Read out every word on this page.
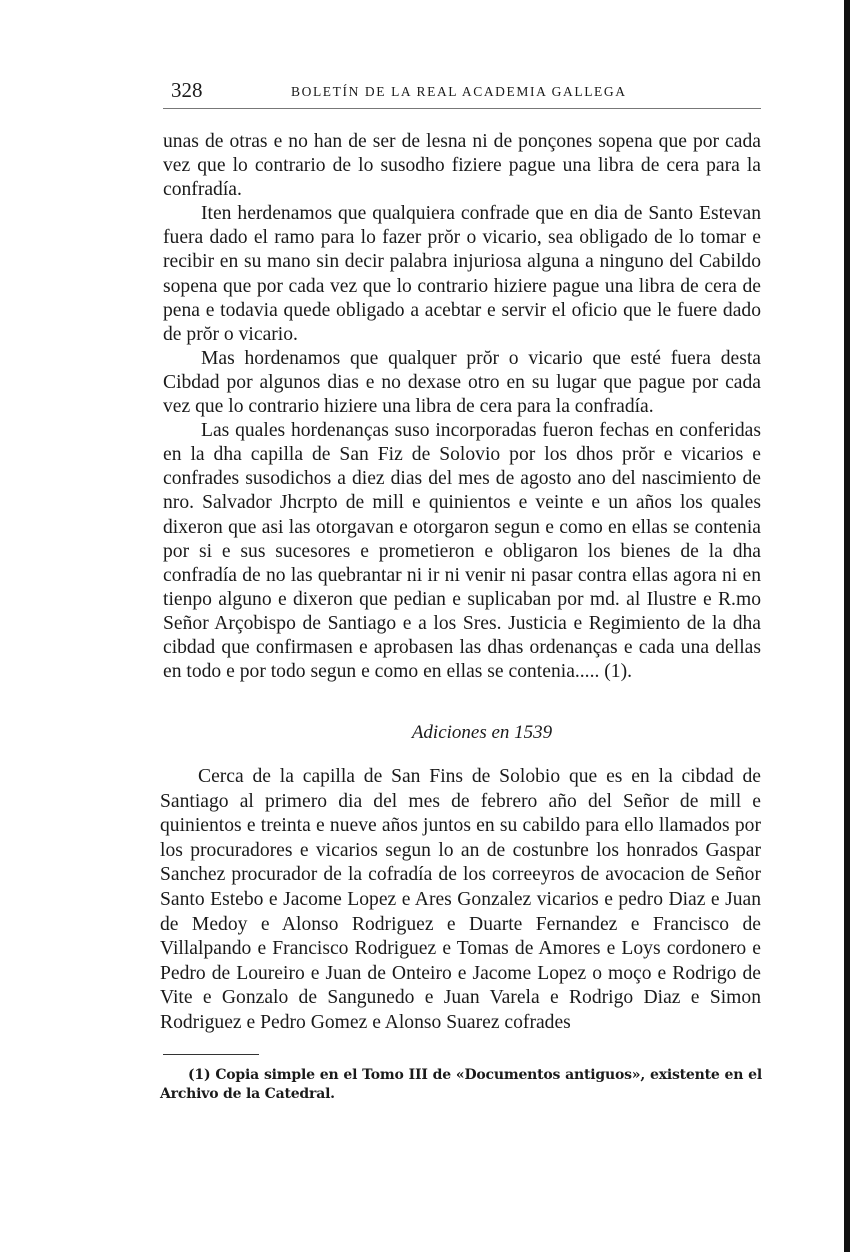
328	BOLETÍN DE LA REAL ACADEMIA GALLEGA

unas de otras e no han de ser de lesna ni de ponçones sopena que por cada vez que lo contrario de lo susodho fiziere pague una libra de cera para la confradía.

Iten herdenamos que qualquiera confrade que en dia de Santo Estevan fuera dado el ramo para lo fazer prŏr o vicario, sea obligado de lo tomar e recibir en su mano sin decir palabra injuriosa alguna a ninguno del Cabildo sopena que por cada vez que lo contrario hiziere pague una libra de cera de pena e todavia quede obligado a acebtar e servir el oficio que le fuere dado de prŏr o vicario.

Mas hordenamos que qualquer prŏr o vicario que esté fuera desta Cibdad por algunos dias e no dexase otro en su lugar que pague por cada vez que lo contrario hiziere una libra de cera para la confradía.

Las quales hordenanças suso incorporadas fueron fechas en conferidas en la dha capilla de San Fiz de Solovio por los dhos prŏr e vicarios e confrades susodichos a diez dias del mes de agosto ano del nascimiento de nro. Salvador Jhcrpto de mill e quinientos e veinte e un años los quales dixeron que asi las otorgavan e otorgaron segun e como en ellas se contenia por si e sus sucesores e prometieron e obligaron los bienes de la dha confradía de no las quebrantar ni ir ni venir ni pasar contra ellas agora ni en tienpo alguno e dixeron que pedian e suplicaban por md. al Ilustre e R.mo Señor Arçobispo de Santiago e a los Sres. Justicia e Regimiento de la dha cibdad que confirmasen e aprobasen las dhas ordenanças e cada una dellas en todo e por todo segun e como en ellas se contenia..... (1).

Adiciones en 1539

Cerca de la capilla de San Fins de Solobio que es en la cibdad de Santiago al primero dia del mes de febrero año del Señor de mill e quinientos e treinta e nueve años juntos en su cabildo para ello llamados por los procuradores e vicarios segun lo an de costunbre los honrados Gaspar Sanchez procurador de la cofradía de los correeyros de avocacion de Señor Santo Estebo e Jacome Lopez e Ares Gonzalez vicarios e pedro Diaz e Juan de Medoy e Alonso Rodriguez e Duarte Fernandez e Francisco de Villalpando e Francisco Rodriguez e Tomas de Amores e Loys cordonero e Pedro de Loureiro e Juan de Onteiro e Jacome Lopez o moço e Rodrigo de Vite e Gonzalo de Sangunedo e Juan Varela e Rodrigo Diaz e Simon Rodriguez e Pedro Gomez e Alonso Suarez cofrades

(1) Copia simple en el Tomo III de «Documentos antiguos», existente en el Archivo de la Catedral.
